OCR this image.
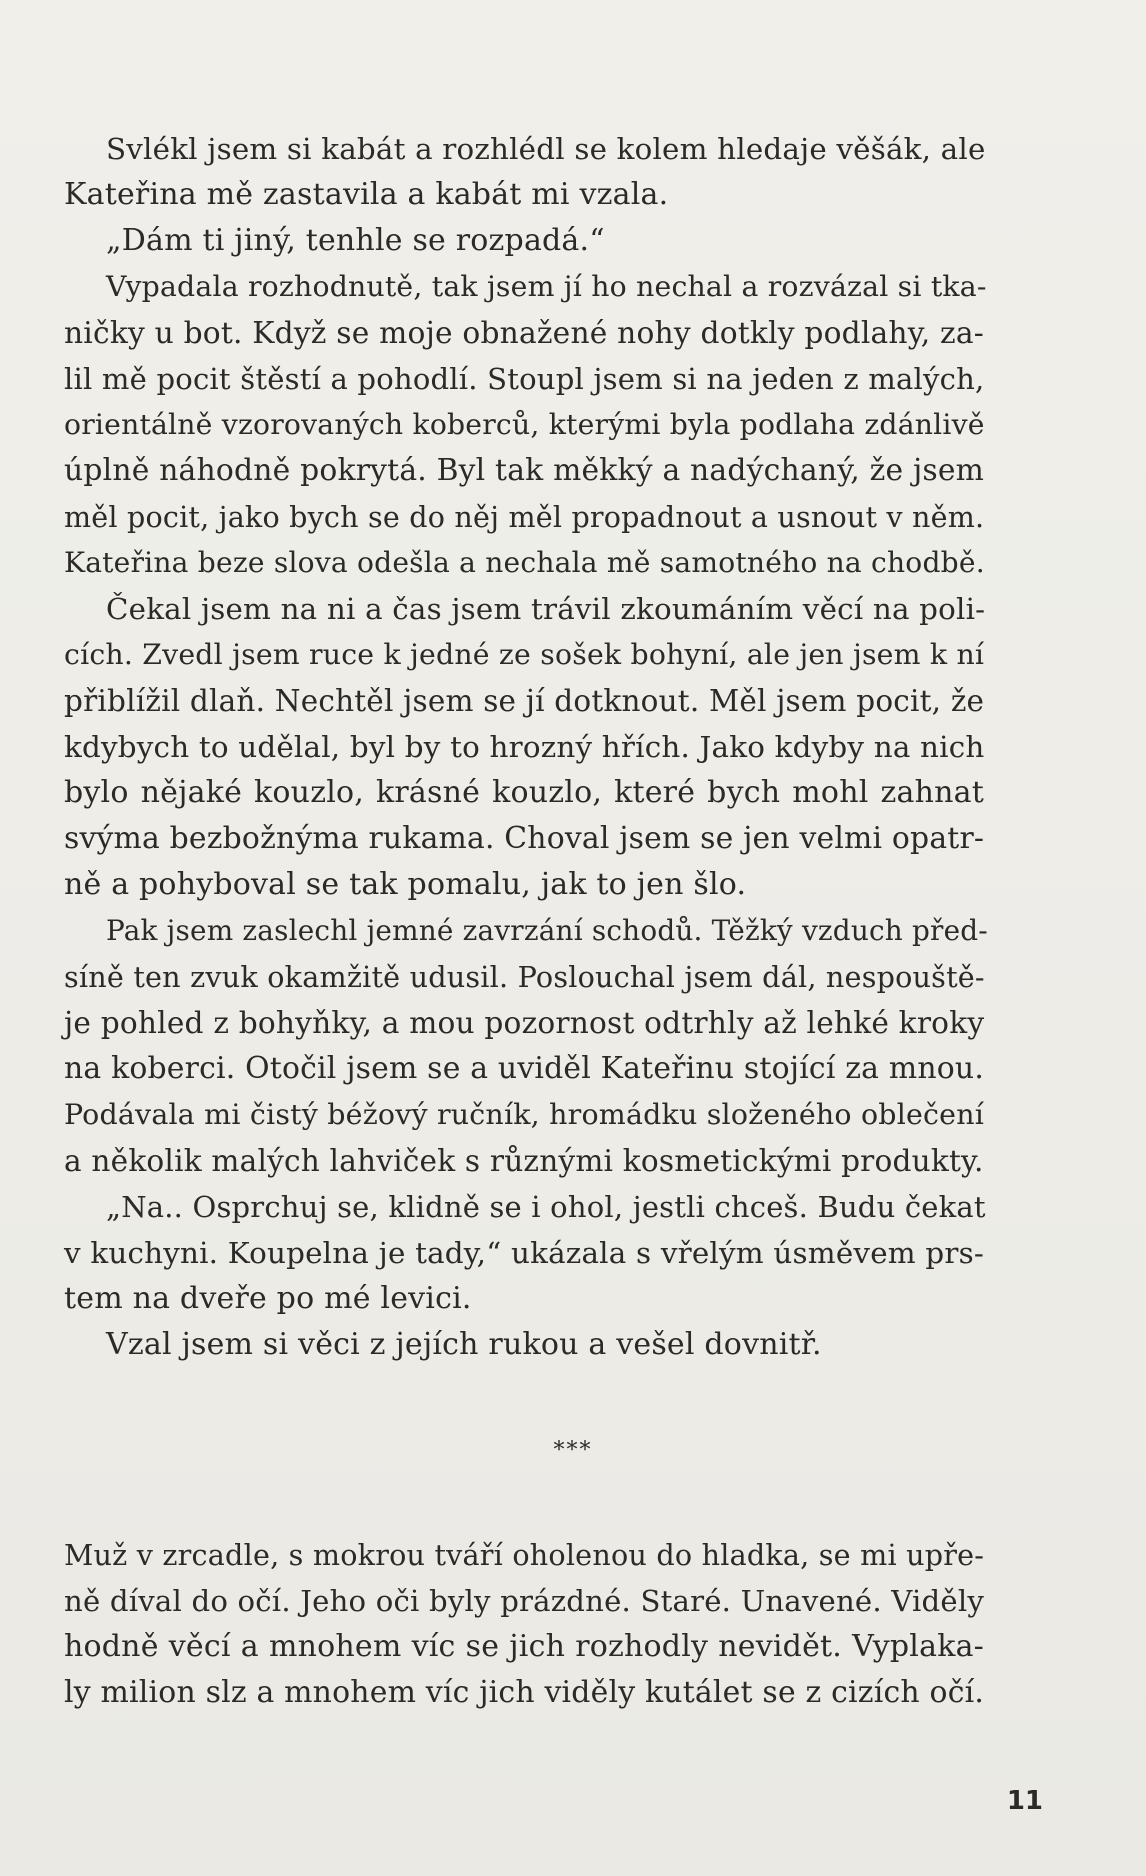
Svlékl jsem si kabát a rozhlédl se kolem hledaje věšák, ale
Kateřina mě zastavila a kabát mi vzala.
„Dám ti jiný, tenhle se rozpadá.“
Vypadala rozhodnutě, tak jsem jí ho nechal a rozvázal si tka-
ničky u bot. Když se moje obnažené nohy dotkly podlahy, za-
lil mě pocit štěstí a pohodlí. Stoupl jsem si na jeden z malých,
orientálně vzorovaných koberců, kterými byla podlaha zdánlivě
úplně náhodně pokrytá. Byl tak měkký a nadýchaný, že jsem
měl pocit, jako bych se do něj měl propadnout a usnout v něm.
Kateřina beze slova odešla a nechala mě samotného na chodbě.
Čekal jsem na ni a čas jsem trávil zkoumáním věcí na poli-
cích. Zvedl jsem ruce k jedné ze sošek bohyní, ale jen jsem k ní
přiblížil dlaň. Nechtěl jsem se jí dotknout. Měl jsem pocit, že
kdybych to udělal, byl by to hrozný hřích. Jako kdyby na nich
bylo nějaké kouzlo, krásné kouzlo, které bych mohl zahnat
svýma bezbožnýma rukama. Choval jsem se jen velmi opatr-
ně a pohyboval se tak pomalu, jak to jen šlo.
Pak jsem zaslechl jemné zavrzání schodů. Těžký vzduch před-
síně ten zvuk okamžitě udusil. Poslouchal jsem dál, nespouště-
je pohled z bohyňky, a mou pozornost odtrhly až lehké kroky
na koberci. Otočil jsem se a uviděl Kateřinu stojící za mnou.
Podávala mi čistý béžový ručník, hromádku složeného oblečení
a několik malých lahviček s různými kosmetickými produkty.
„Na.. Osprchuj se, klidně se i ohol, jestli chceš. Budu čekat
v kuchyni. Koupelna je tady,“ ukázala s vřelým úsměvem prs-
tem na dveře po mé levici.
Vzal jsem si věci z jejích rukou a vešel dovnitř.
***
Muž v zrcadle, s mokrou tváří oholenou do hladka, se mi upře-
ně díval do očí. Jeho oči byly prázdné. Staré. Unavené. Viděly
hodně věcí a mnohem víc se jich rozhodly nevidět. Vyplaka-
ly milion slz a mnohem víc jich viděly kutálet se z cizích očí.
11
